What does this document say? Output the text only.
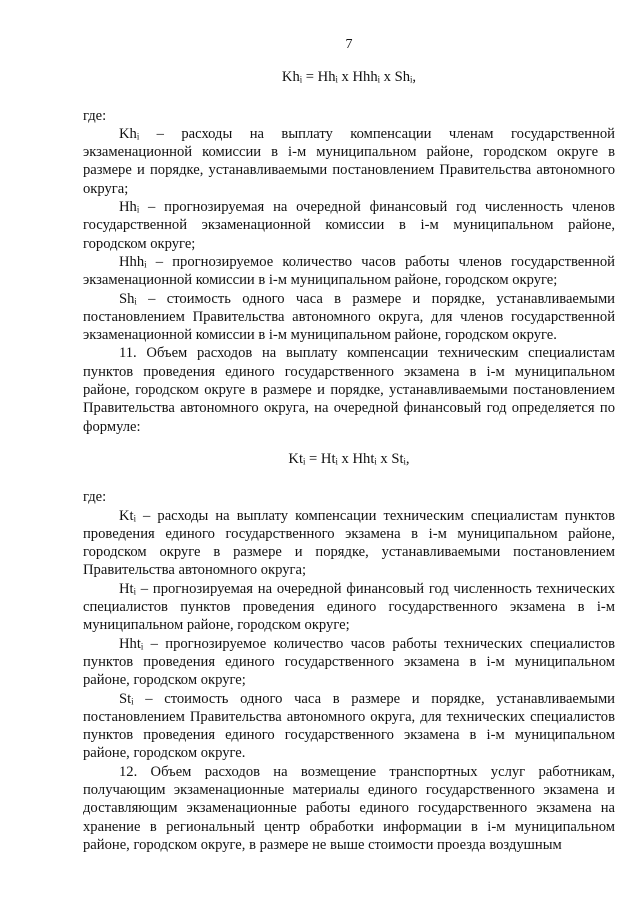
7
Khᵢ = Hhᵢ x Hhhᵢ x Shᵢ,
где:
Khᵢ – расходы на выплату компенсации членам государственной экзаменационной комиссии в i-м муниципальном районе, городском округе в размере и порядке, устанавливаемыми постановлением Правительства автономного округа;
Hhᵢ – прогнозируемая на очередной финансовый год численность членов государственной экзаменационной комиссии в i-м муниципальном районе, городском округе;
Hhhᵢ – прогнозируемое количество часов работы членов государственной экзаменационной комиссии в i-м муниципальном районе, городском округе;
Shᵢ – стоимость одного часа в размере и порядке, устанавливаемыми постановлением Правительства автономного округа, для членов государственной экзаменационной комиссии в i-м муниципальном районе, городском округе.
11. Объем расходов на выплату компенсации техническим специалистам пунктов проведения единого государственного экзамена в i-м муниципальном районе, городском округе в размере и порядке, устанавливаемыми постановлением Правительства автономного округа, на очередной финансовый год определяется по формуле:
Ktᵢ = Htᵢ x Hhtᵢ x Stᵢ,
где:
Ktᵢ – расходы на выплату компенсации техническим специалистам пунктов проведения единого государственного экзамена в i-м муниципальном районе, городском округе в размере и порядке, устанавливаемыми постановлением Правительства автономного округа;
Htᵢ – прогнозируемая на очередной финансовый год численность технических специалистов пунктов проведения единого государственного экзамена в i-м муниципальном районе, городском округе;
Hhtᵢ – прогнозируемое количество часов работы технических специалистов пунктов проведения единого государственного экзамена в i-м муниципальном районе, городском округе;
Stᵢ – стоимость одного часа в размере и порядке, устанавливаемыми постановлением Правительства автономного округа, для технических специалистов пунктов проведения единого государственного экзамена в i-м муниципальном районе, городском округе.
12. Объем расходов на возмещение транспортных услуг работникам, получающим экзаменационные материалы единого государственного экзамена и доставляющим экзаменационные работы единого государственного экзамена на хранение в региональный центр обработки информации в i-м муниципальном районе, городском округе, в размере не выше стоимости проезда воздушным
